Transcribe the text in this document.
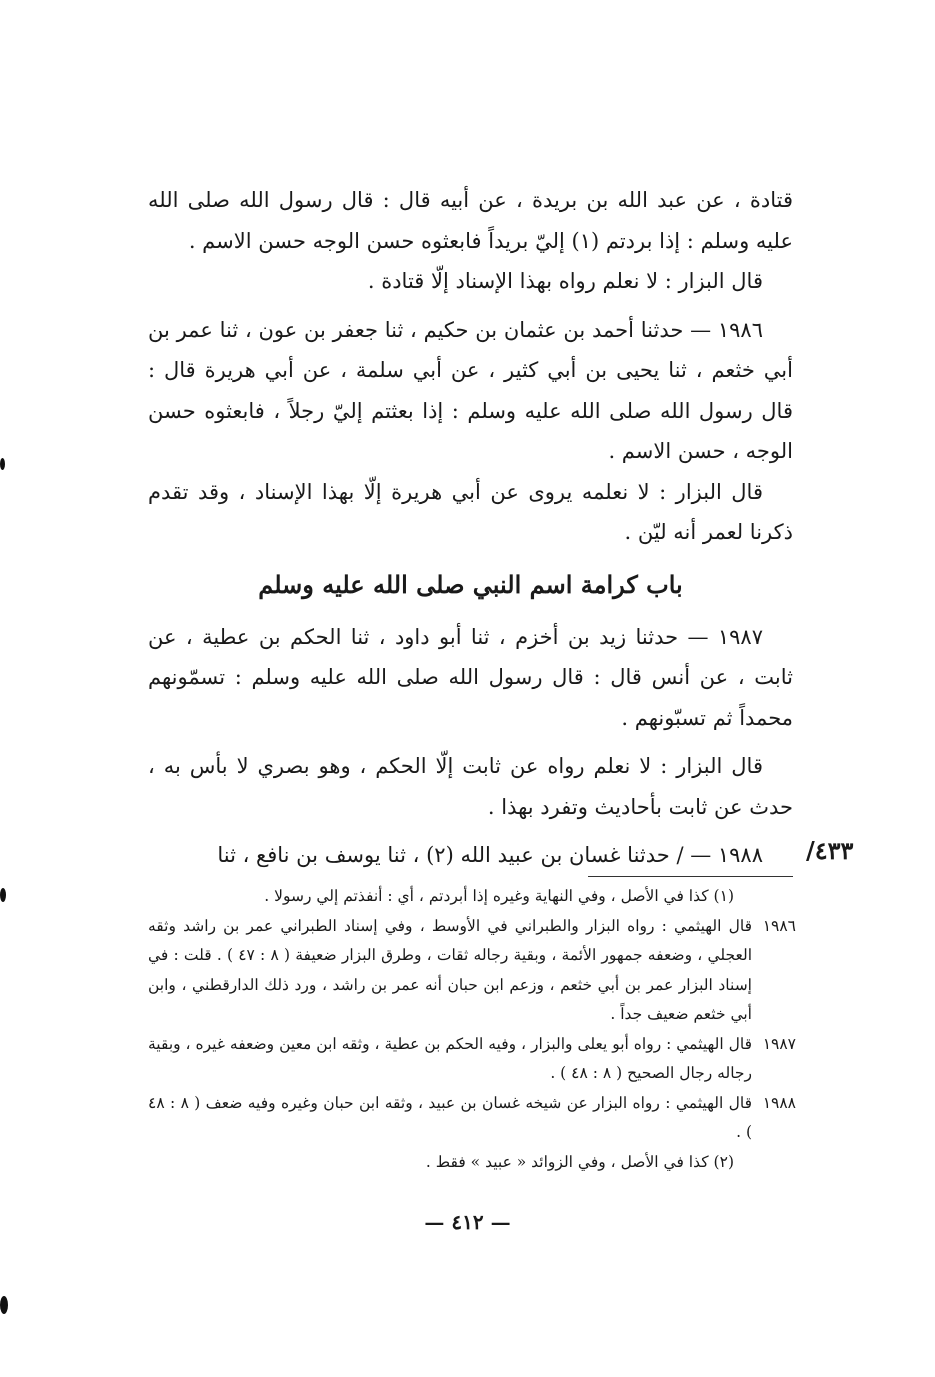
قتادة ، عن عبد الله بن بريدة ، عن أبيه قال : قال رسول الله صلى الله عليه وسلم : إذا بردتم (١) إليّ بريداً فابعثوه حسن الوجه حسن الاسم .

قال البزار : لا نعلم رواه بهذا الإسناد إلّا قتادة .

١٩٨٦ — حدثنا أحمد بن عثمان بن حكيم ، ثنا جعفر بن عون ، ثنا عمر بن أبي خثعم ، ثنا يحيى بن أبي كثير ، عن أبي سلمة ، عن أبي هريرة قال : قال رسول الله صلى الله عليه وسلم : إذا بعثتم إليّ رجلاً ، فابعثوه حسن الوجه ، حسن الاسم .

قال البزار : لا نعلمه يروى عن أبي هريرة إلّا بهذا الإسناد ، وقد تقدم ذكرنا لعمر أنه ليّن .

باب كرامة اسم النبي صلى الله عليه وسلم

١٩٨٧ — حدثنا زيد بن أخزم ، ثنا أبو داود ، ثنا الحكم بن عطية ، عن ثابت ، عن أنس قال : قال رسول الله صلى الله عليه وسلم : تسمّونهم محمداً ثم تسبّونهم .

قال البزار : لا نعلم رواه عن ثابت إلّا الحكم ، وهو بصري لا بأس به ، حدث عن ثابت بأحاديث وتفرد بهذا .

١٩٨٨ — / حدثنا غسان بن عبيد الله (٢) ، ثنا يوسف بن نافع ، ثنا	٤٣٣/
(١) كذا في الأصل ، وفي النهاية وغيره إذا أبردتم ، أي : أنفذتم إلي رسولا .
١٩٨٦
قال الهيثمي : رواه البزار والطبراني في الأوسط ، وفي إسناد الطبراني عمر بن راشد وثقه العجلي ، وضعفه جمهور الأئمة ، وبقية رجاله ثقات ، وطرق البزار ضعيفة ( ٨ : ٤٧ ) . قلت : في إسناد البزار عمر بن أبي خثعم ، وزعم ابن حبان أنه عمر بن راشد ، ورد ذلك الدارقطني ، وابن أبي خثعم ضعيف جداً .
١٩٨٧
قال الهيثمي : رواه أبو يعلى والبزار ، وفيه الحكم بن عطية ، وثقه ابن معين وضعفه غيره ، وبقية رجاله رجال الصحيح ( ٨ : ٤٨ ) .
١٩٨٨
قال الهيثمي : رواه البزار عن شيخه غسان بن عبيد ، وثقه ابن حبان وغيره وفيه ضعف ( ٨ : ٤٨ ) .
(٢) كذا في الأصل ، وفي الزوائد « عبيد » فقط .
— ٤١٢ —
